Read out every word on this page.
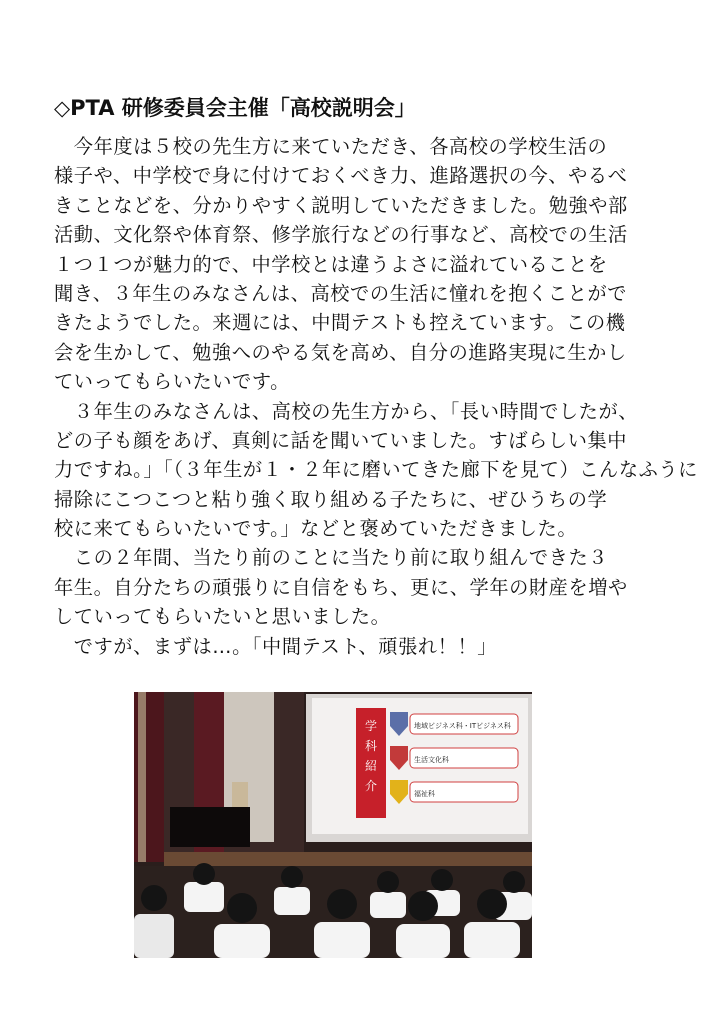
◇PTA 研修委員会主催「高校説明会」
　今年度は５校の先生方に来ていただき、各高校の学校生活の
様子や、中学校で身に付けておくべき力、進路選択の今、やるべ
きことなどを、分かりやすく説明していただきました。勉強や部
活動、文化祭や体育祭、修学旅行などの行事など、高校での生活
１つ１つが魅力的で、中学校とは違うよさに溢れていることを
聞き、３年生のみなさんは、高校での生活に憧れを抱くことがで
きたようでした。来週には、中間テストも控えています。この機
会を生かして、勉強へのやる気を高め、自分の進路実現に生かし
ていってもらいたいです。
　３年生のみなさんは、高校の先生方から、「長い時間でしたが、
どの子も顔をあげ、真剣に話を聞いていました。すばらしい集中
力ですね。」「（３年生が１・２年に磨いてきた廊下を見て）こんなふうに
掃除にこつこつと粘り強く取り組める子たちに、ぜひうちの学
校に来てもらいたいです。」などと褒めていただきました。
　この２年間、当たり前のことに当たり前に取り組んできた３
年生。自分たちの頑張りに自信をもち、更に、学年の財産を増や
していってもらいたいと思いました。
　ですが、まずは…。「中間テスト、頑張れ！！」
学
科
紹
介
地域ビジネス科・ITビジネス科
生活文化科
福祉科
